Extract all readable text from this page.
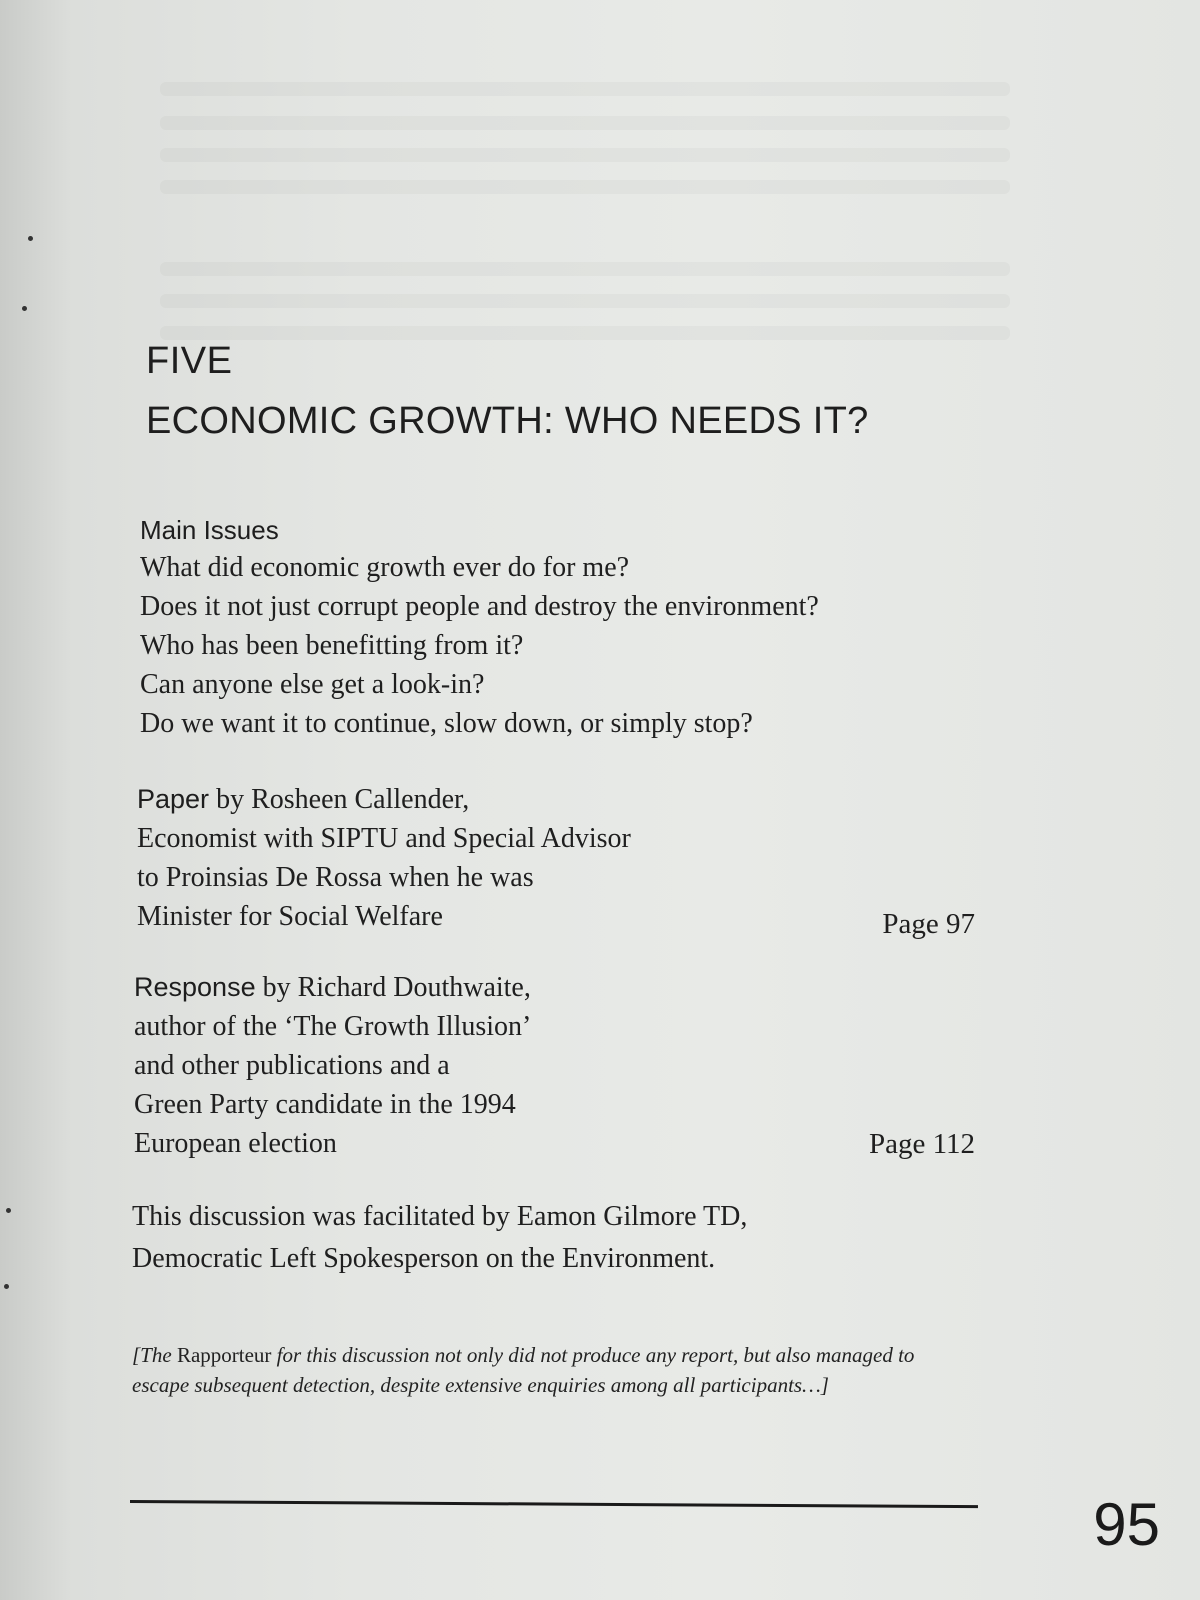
FIVE
ECONOMIC GROWTH: WHO NEEDS IT?
Main Issues
What did economic growth ever do for me?
Does it not just corrupt people and destroy the environment?
Who has been benefitting from it?
Can anyone else get a look-in?
Do we want it to continue, slow down, or simply stop?
Paper by Rosheen Callender,
Economist with SIPTU and Special Advisor
to Proinsias De Rossa when he was
Minister for Social Welfare	Page 97
Response by Richard Douthwaite,
author of the ‘The Growth Illusion’
and other publications and a
Green Party candidate in the 1994
European election	Page 112
This discussion was facilitated by Eamon Gilmore TD,
Democratic Left Spokesperson on the Environment.
[The Rapporteur for this discussion not only did not produce any report, but also managed to escape subsequent detection, despite extensive enquiries among all participants…]
95
